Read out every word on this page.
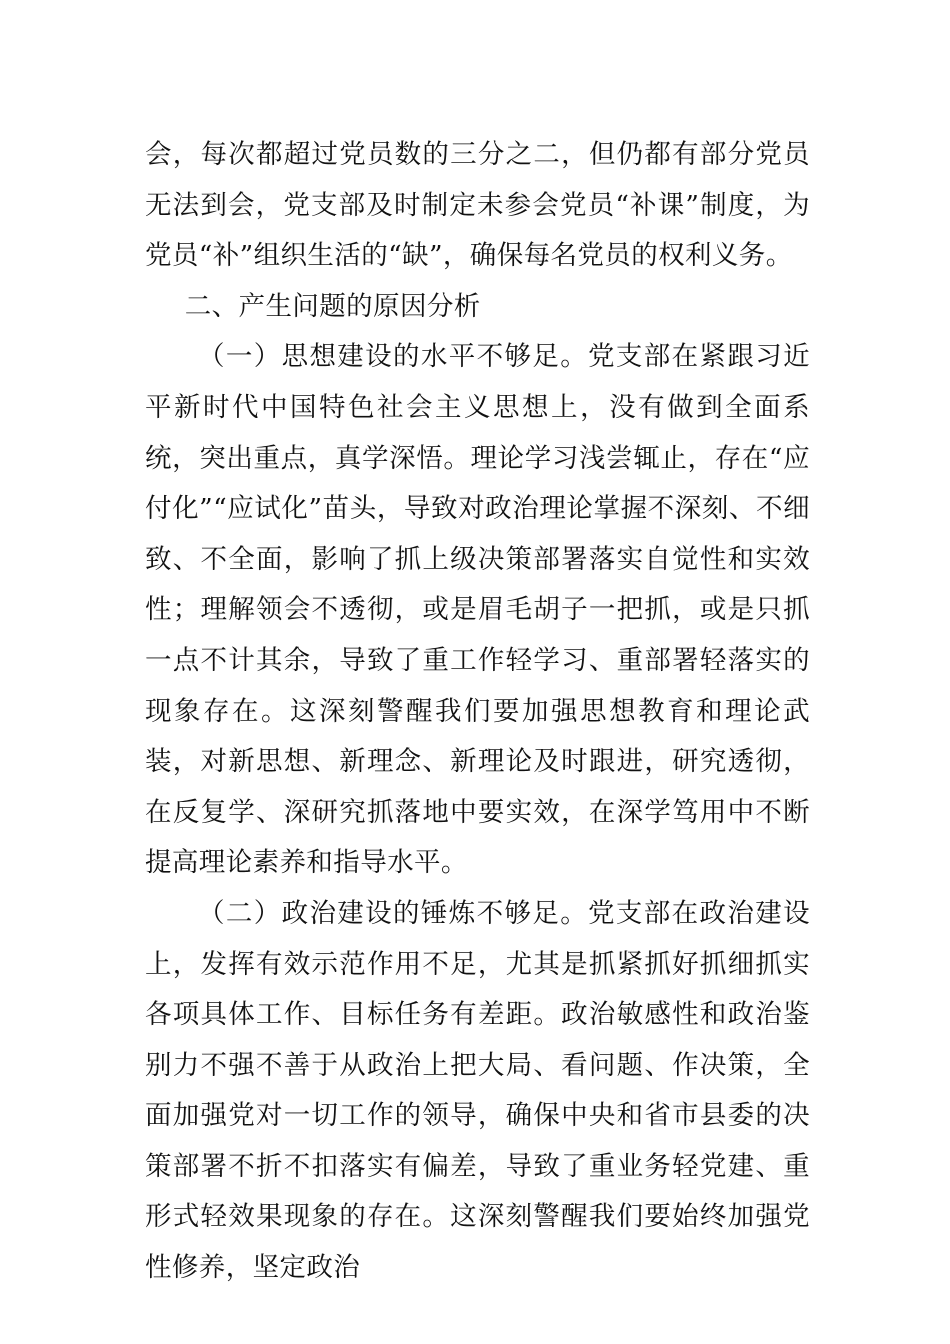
会，每次都超过党员数的三分之二，但仍都有部分党员无法到会，党支部及时制定未参会党员“补课”制度，为党员“补”组织生活的“缺”，确保每名党员的权利义务。

二、产生问题的原因分析

（一）思想建设的水平不够足。党支部在紧跟习近平新时代中国特色社会主义思想上，没有做到全面系统，突出重点，真学深悟。理论学习浅尝辄止，存在“应付化”“应试化”苗头，导致对政治理论掌握不深刻、不细致、不全面，影响了抓上级决策部署落实自觉性和实效性；理解领会不透彻，或是眉毛胡子一把抓，或是只抓一点不计其余，导致了重工作轻学习、重部署轻落实的现象存在。这深刻警醒我们要加强思想教育和理论武装，对新思想、新理念、新理论及时跟进，研究透彻，在反复学、深研究抓落地中要实效，在深学笃用中不断提高理论素养和指导水平。

（二）政治建设的锤炼不够足。党支部在政治建设上，发挥有效示范作用不足，尤其是抓紧抓好抓细抓实各项具体工作、目标任务有差距。政治敏感性和政治鉴别力不强不善于从政治上把大局、看问题、作决策，全面加强党对一切工作的领导，确保中央和省市县委的决策部署不折不扣落实有偏差，导致了重业务轻党建、重形式轻效果现象的存在。这深刻警醒我们要始终加强党性修养，坚定政治
